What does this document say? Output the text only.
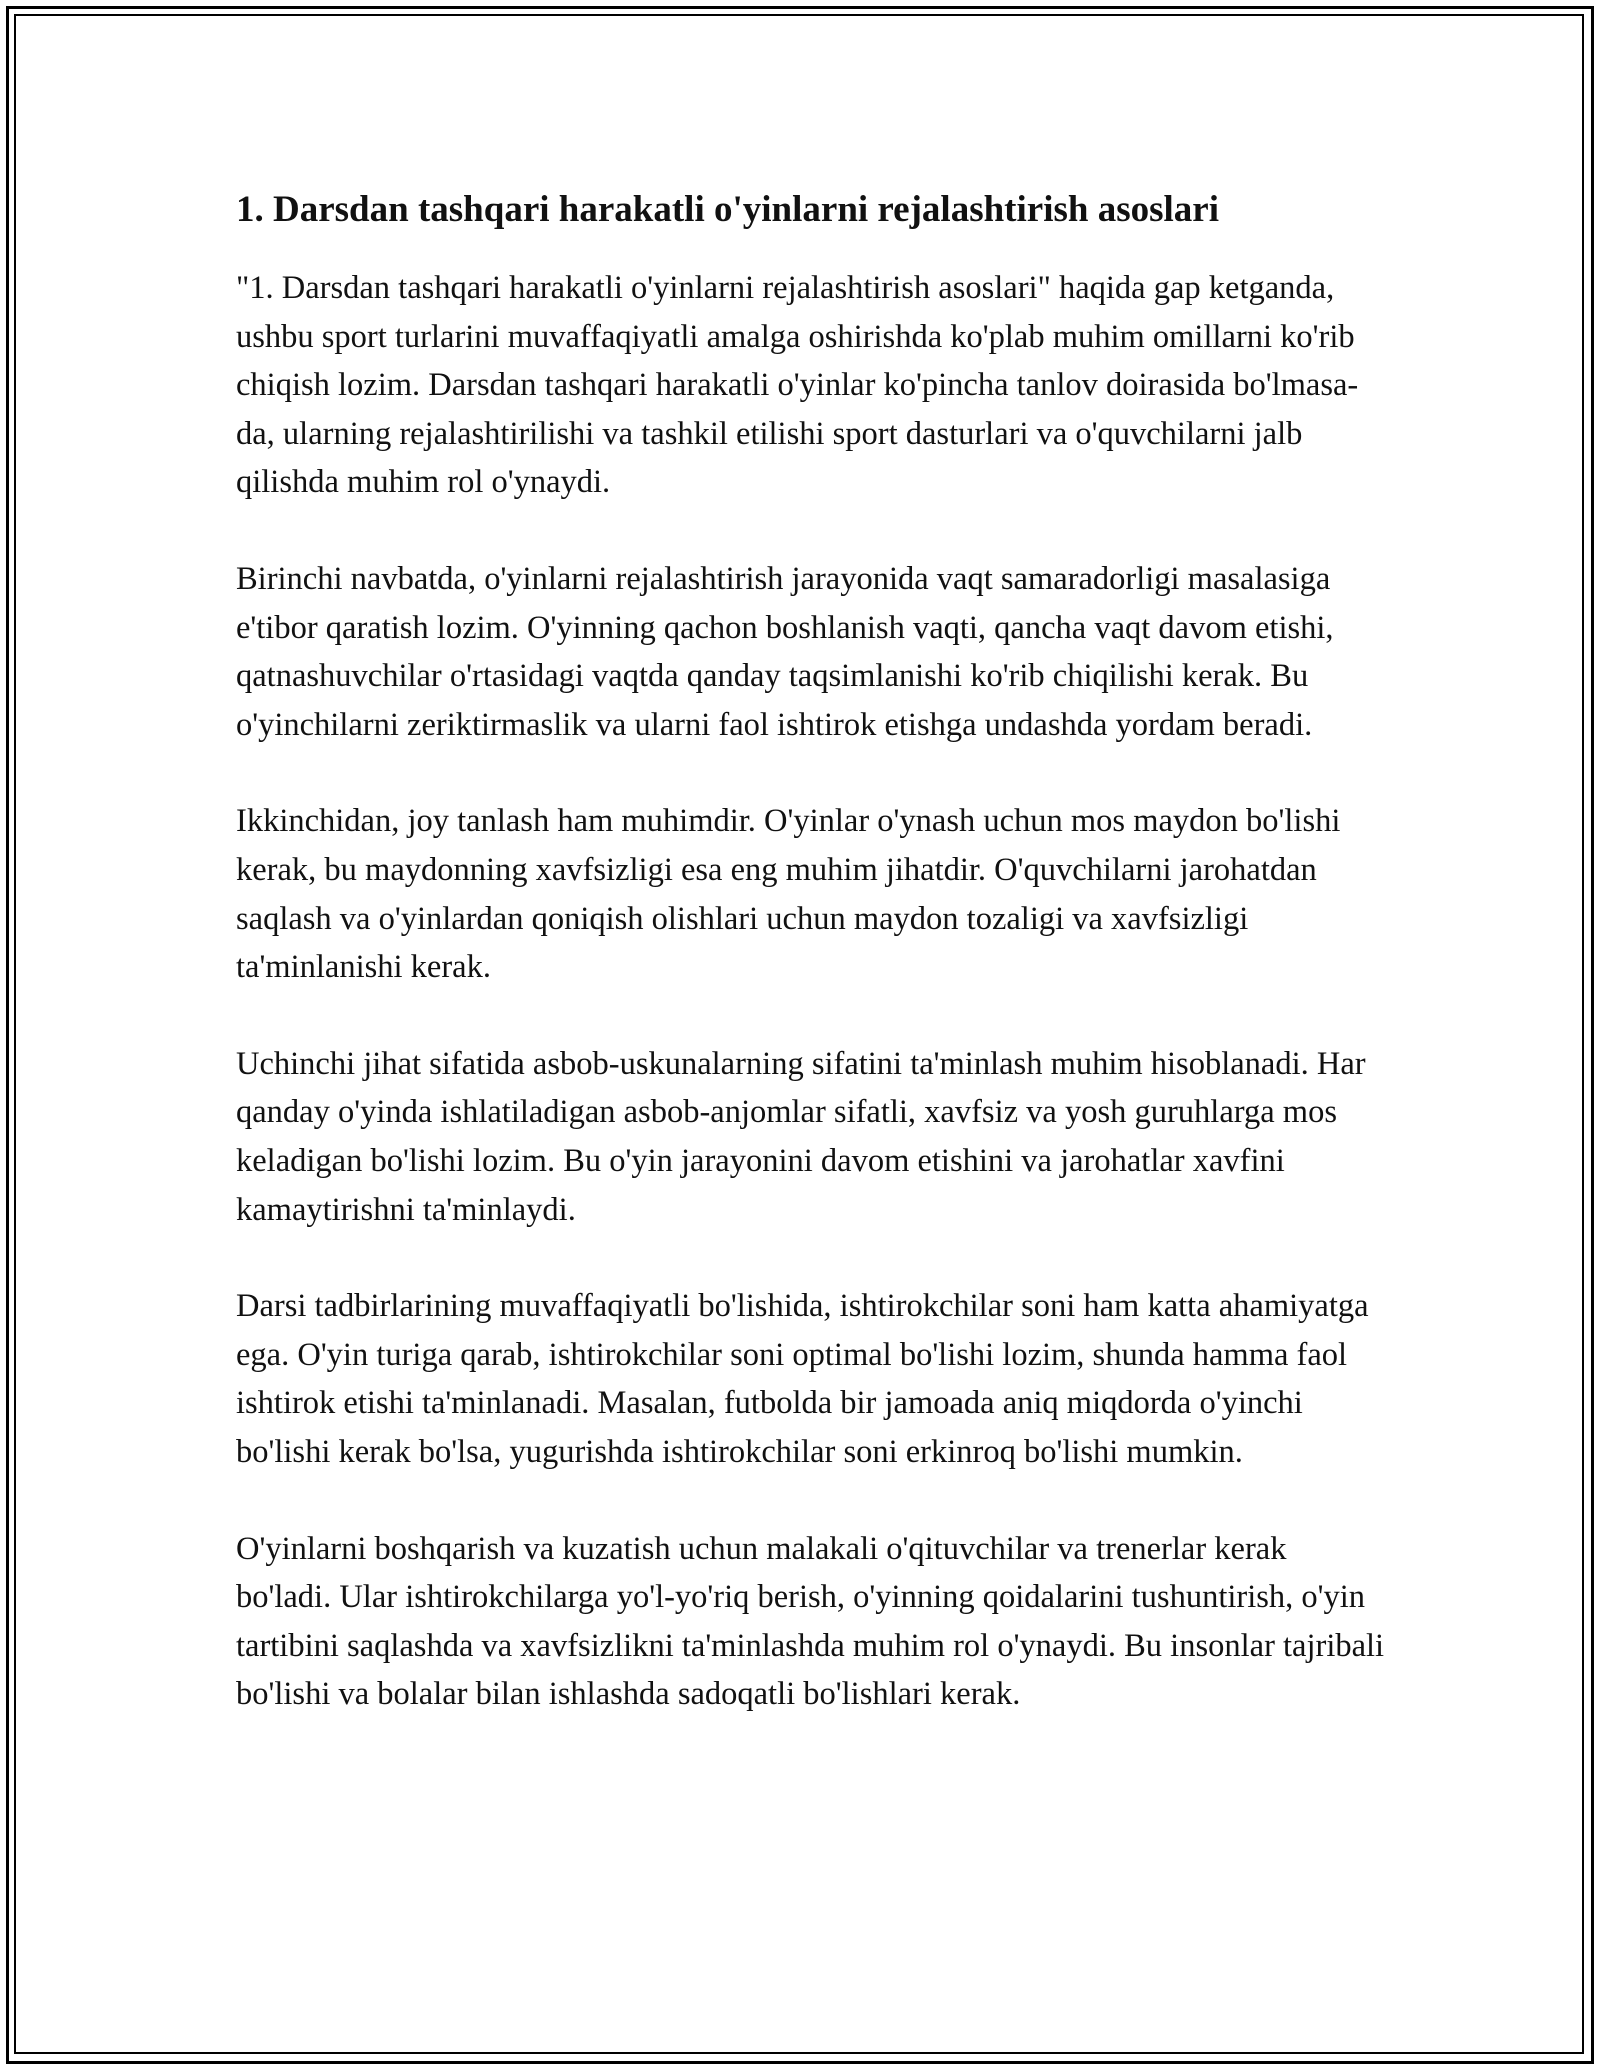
1. Darsdan tashqari harakatli o'yinlarni rejalashtirish asoslari

"1. Darsdan tashqari harakatli o'yinlarni rejalashtirish asoslari" haqida gap ketganda, ushbu sport turlarini muvaffaqiyatli amalga oshirishda ko'plab muhim omillarni ko'rib chiqish lozim. Darsdan tashqari harakatli o'yinlar ko'pincha tanlov doirasida bo'lmasa-da, ularning rejalashtirilishi va tashkil etilishi sport dasturlari va o'quvchilarni jalb qilishda muhim rol o'ynaydi.

Birinchi navbatda, o'yinlarni rejalashtirish jarayonida vaqt samaradorligi masalasiga e'tibor qaratish lozim. O'yinning qachon boshlanish vaqti, qancha vaqt davom etishi, qatnashuvchilar o'rtasidagi vaqtda qanday taqsimlanishi ko'rib chiqilishi kerak. Bu o'yinchilarni zeriktirmaslik va ularni faol ishtirok etishga undashda yordam beradi.

Ikkinchidan, joy tanlash ham muhimdir. O'yinlar o'ynash uchun mos maydon bo'lishi kerak, bu maydonning xavfsizligi esa eng muhim jihatdir. O'quvchilarni jarohatdan saqlash va o'yinlardan qoniqish olishlari uchun maydon tozaligi va xavfsizligi ta'minlanishi kerak.

Uchinchi jihat sifatida asbob-uskunalarning sifatini ta'minlash muhim hisoblanadi. Har qanday o'yinda ishlatiladigan asbob-anjomlar sifatli, xavfsiz va yosh guruhlarga mos keladigan bo'lishi lozim. Bu o'yin jarayonini davom etishini va jarohatlar xavfini kamaytirishni ta'minlaydi.

Darsi tadbirlarining muvaffaqiyatli bo'lishida, ishtirokchilar soni ham katta ahamiyatga ega. O'yin turiga qarab, ishtirokchilar soni optimal bo'lishi lozim, shunda hamma faol ishtirok etishi ta'minlanadi. Masalan, futbolda bir jamoada aniq miqdorda o'yinchi bo'lishi kerak bo'lsa, yugurishda ishtirokchilar soni erkinroq bo'lishi mumkin.

O'yinlarni boshqarish va kuzatish uchun malakali o'qituvchilar va trenerlar kerak bo'ladi. Ular ishtirokchilarga yo'l-yo'riq berish, o'yinning qoidalarini tushuntirish, o'yin tartibini saqlashda va xavfsizlikni ta'minlashda muhim rol o'ynaydi. Bu insonlar tajribali bo'lishi va bolalar bilan ishlashda sadoqatli bo'lishlari kerak.
